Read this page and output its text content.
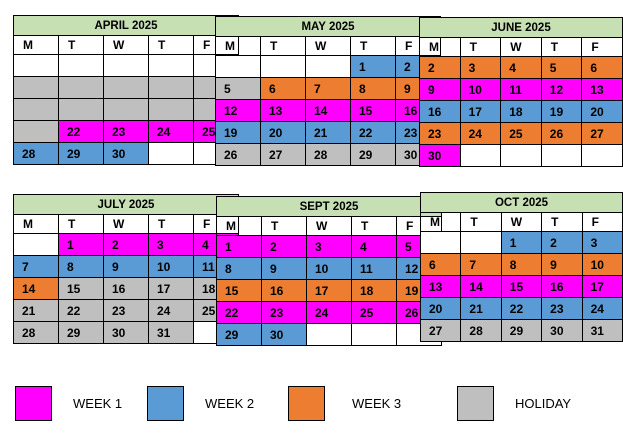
APRIL 2025				
M	T	W	T	F

	22	23	24	25
28	29	30		
MAY 2025				
M	T	W	T	F
			1	2
5	6	7	8	9
12	13	14	15	16
19	20	21	22	23
26	27	28	29	30
JUNE 2025				
M	T	W	T	F
2	3	4	5	6
9	10	11	12	13
16	17	18	19	20
23	24	25	26	27
30				
JULY 2025				
M	T	W	T	F
	1	2	3	4
7	8	9	10	11
14	15	16	17	18
21	22	23	24	25
28	29	30	31	
SEPT 2025				
M	T	W	T	F
1	2	3	4	5
8	9	10	11	12
15	16	17	18	19
22	23	24	25	26
29	30			
OCT 2025				
M	T	W	T	F
		1	2	3
6	7	8	9	10
13	14	15	16	17
20	21	22	23	24
27	28	29	30	31
WEEK 1	WEEK 2	WEEK 3	HOLIDAY
